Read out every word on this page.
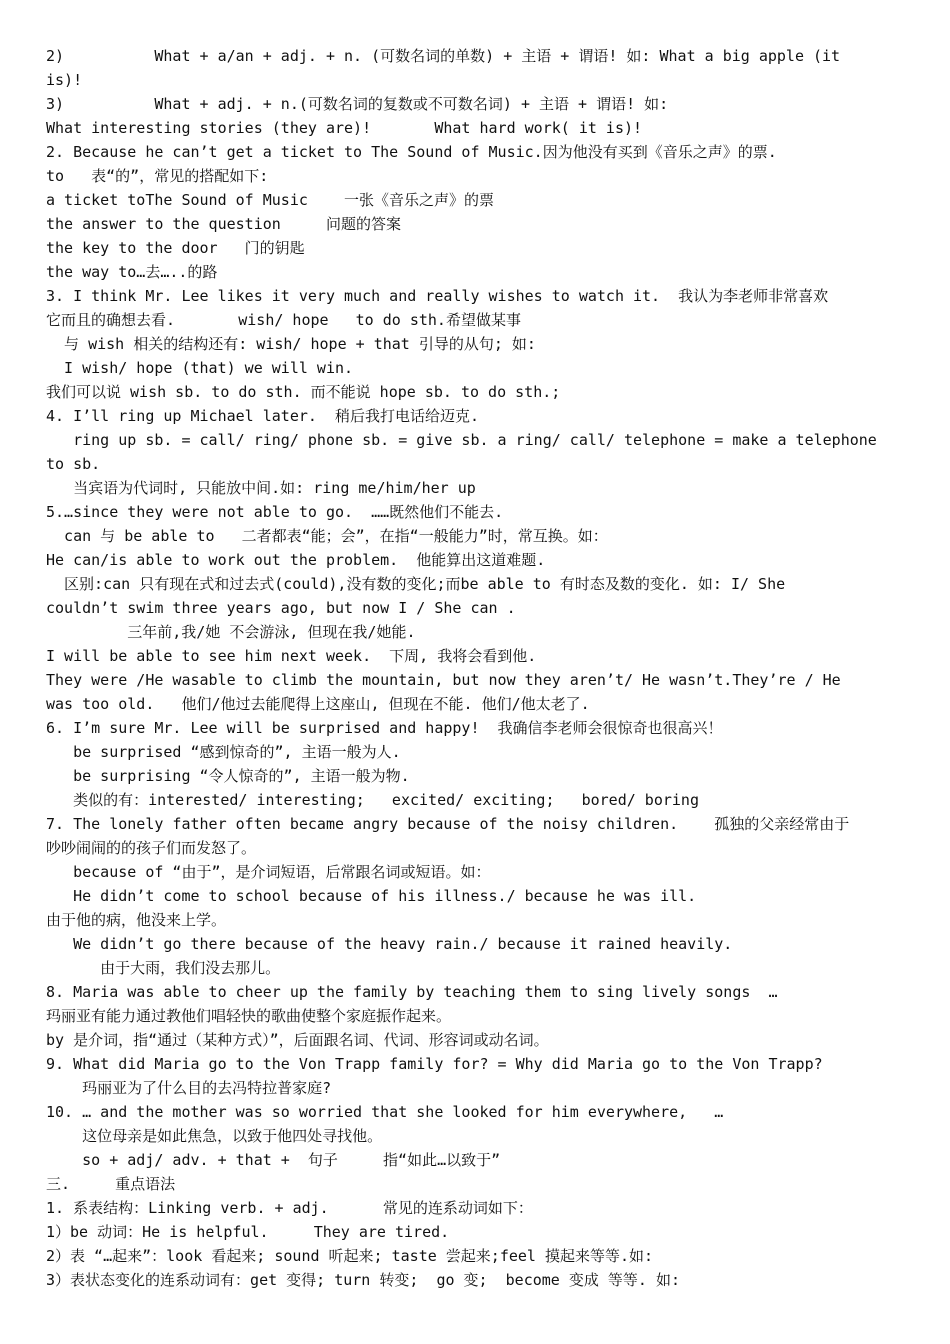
2)          What + a/an + adj. + n. (可数名词的单数) + 主语 + 谓语! 如: What a big apple (it
is)!
3)          What + adj. + n.(可数名词的复数或不可数名词) + 主语 + 谓语! 如:
What interesting stories (they are)!       What hard work( it is)!
2. Because he can’t get a ticket to The Sound of Music.因为他没有买到《音乐之声》的票.
to   表“的”，常见的搭配如下:
a ticket toThe Sound of Music    一张《音乐之声》的票
the answer to the question     问题的答案
the key to the door   门的钥匙
the way to…去…..的路
3. I think Mr. Lee likes it very much and really wishes to watch it.  我认为李老师非常喜欢
它而且的确想去看.       wish/ hope   to do sth.希望做某事
与 wish 相关的结构还有: wish/ hope + that 引导的从句; 如:
I wish/ hope (that) we will win.
我们可以说 wish sb. to do sth. 而不能说 hope sb. to do sth.;
4. I’ll ring up Michael later.  稍后我打电话给迈克.
ring up sb. = call/ ring/ phone sb. = give sb. a ring/ call/ telephone = make a telephone
to sb.
当宾语为代词时, 只能放中间.如: ring me/him/her up
5.…since they were not able to go.  ……既然他们不能去.
can 与 be able to   二者都表“能；会”，在指“一般能力”时，常互换。如：
He can/is able to work out the problem.  他能算出这道难题.
区别:can 只有现在式和过去式(could),没有数的变化;而be able to 有时态及数的变化. 如: I/ She
couldn’t swim three years ago, but now I / She can .
三年前,我/她 不会游泳, 但现在我/她能.
I will be able to see him next week.  下周, 我将会看到他.
They were /He wasable to climb the mountain, but now they aren’t/ He wasn’t.They’re / He
was too old.   他们/他过去能爬得上这座山, 但现在不能. 他们/他太老了.
6. I’m sure Mr. Lee will be surprised and happy!  我确信李老师会很惊奇也很高兴！
be surprised “感到惊奇的”, 主语一般为人.
be surprising “令人惊奇的”, 主语一般为物.
类似的有：interested/ interesting;   excited/ exciting;   bored/ boring
7. The lonely father often became angry because of the noisy children.    孤独的父亲经常由于
吵吵闹闹的的孩子们而发怒了。
because of “由于”，是介词短语，后常跟名词或短语。如：
He didn’t come to school because of his illness./ because he was ill.
由于他的病，他没来上学。
We didn’t go there because of the heavy rain./ because it rained heavily.
由于大雨，我们没去那儿。
8. Maria was able to cheer up the family by teaching them to sing lively songs  …
玛丽亚有能力通过教他们唱轻快的歌曲使整个家庭振作起来。
by 是介词，指“通过（某种方式）”，后面跟名词、代词、形容词或动名词。
9. What did Maria go to the Von Trapp family for? = Why did Maria go to the Von Trapp?
玛丽亚为了什么目的去冯特拉普家庭?
10. … and the mother was so worried that she looked for him everywhere,   …
这位母亲是如此焦急，以致于他四处寻找他。
so + adj/ adv. + that +  句子     指“如此…以致于”
三.     重点语法
1. 系表结构：Linking verb. + adj.      常见的连系动词如下：
1）be 动词：He is helpful.     They are tired.
2）表 “…起来”：look 看起来; sound 听起来; taste 尝起来;feel 摸起来等等.如:
3）表状态变化的连系动词有：get 变得; turn 转变;  go 变;  become 变成 等等. 如:
